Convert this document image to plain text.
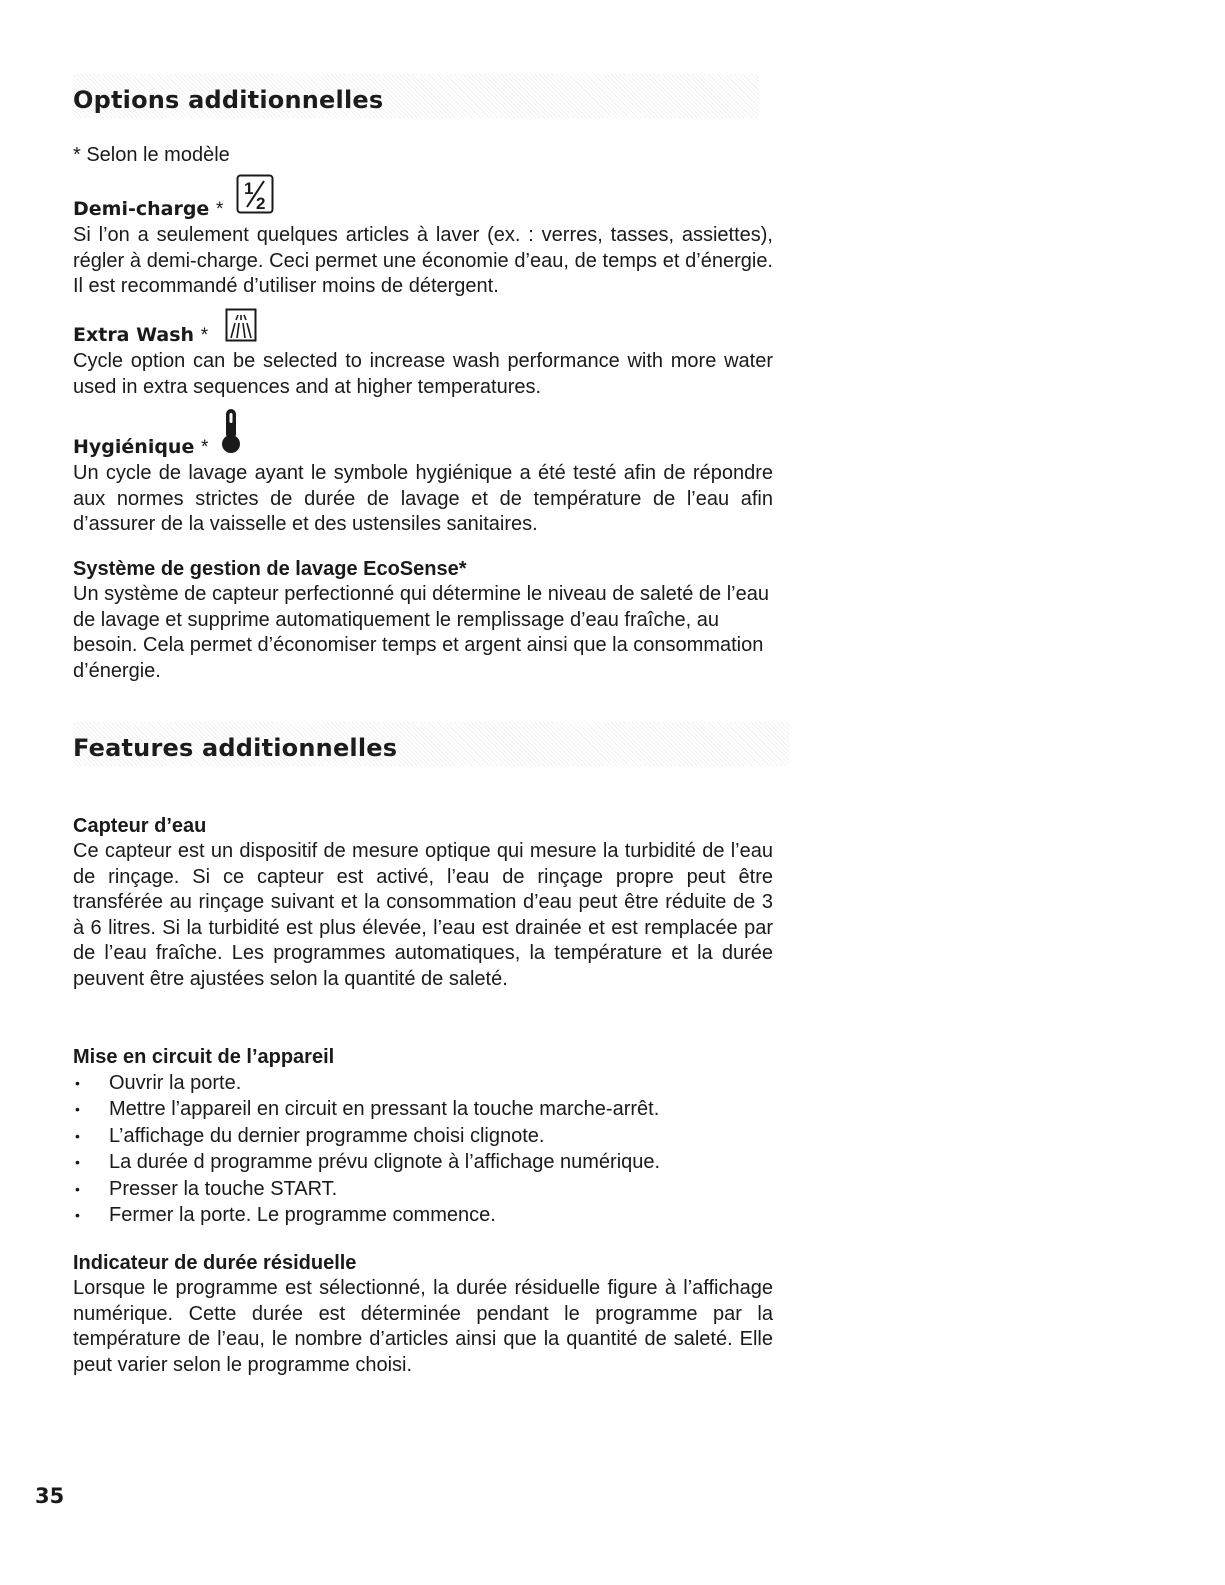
Options additionnelles
* Selon le modèle
Demi-charge *
1
2

Si l’on a seulement quelques articles à laver (ex. : verres, tasses, assiettes), régler à demi-charge. Ceci permet une économie d’eau, de temps et d’énergie. Il est recommandé d’utiliser moins de détergent.

Extra Wash *

Cycle option can be selected to increase wash performance with more water used in extra sequences and at higher temperatures.

Hygiénique *

Un cycle de lavage ayant le symbole hygiénique a été testé afin de répondre aux normes strictes de durée de lavage et de température de l’eau afin d’assurer de la vaisselle et des ustensiles sanitaires.

Système de gestion de lavage EcoSense*

Un système de capteur perfectionné qui détermine le niveau de saleté de l’eau de lavage et supprime automatiquement le remplissage d’eau fraîche, au besoin. Cela permet d’économiser temps et argent ainsi que la consommation d’énergie.

Features additionnelles
Capteur d’eau

Ce capteur est un dispositif de mesure optique qui mesure la turbidité de l’eau de rinçage. Si ce capteur est activé, l’eau de rinçage propre peut être transférée au rinçage suivant et la consommation d’eau peut être réduite de 3 à 6 litres. Si la turbidité est plus élevée, l’eau est drainée et est remplacée par de l’eau fraîche. Les programmes automatiques, la température et la durée peuvent être ajustées selon la quantité de saleté.

Mise en circuit de l’appareil
• Ouvrir la porte.
• Mettre l’appareil en circuit en pressant la touche marche-arrêt.
• L’affichage du dernier programme choisi clignote.
• La durée d programme prévu clignote à l’affichage numérique.
• Presser la touche START.
• Fermer la porte. Le programme commence.
Indicateur de durée résiduelle

Lorsque le programme est sélectionné, la durée résiduelle figure à l’affichage numérique. Cette durée est déterminée pendant le programme par la température de l’eau, le nombre d’articles ainsi que la quantité de saleté. Elle peut varier selon le programme choisi.

35
